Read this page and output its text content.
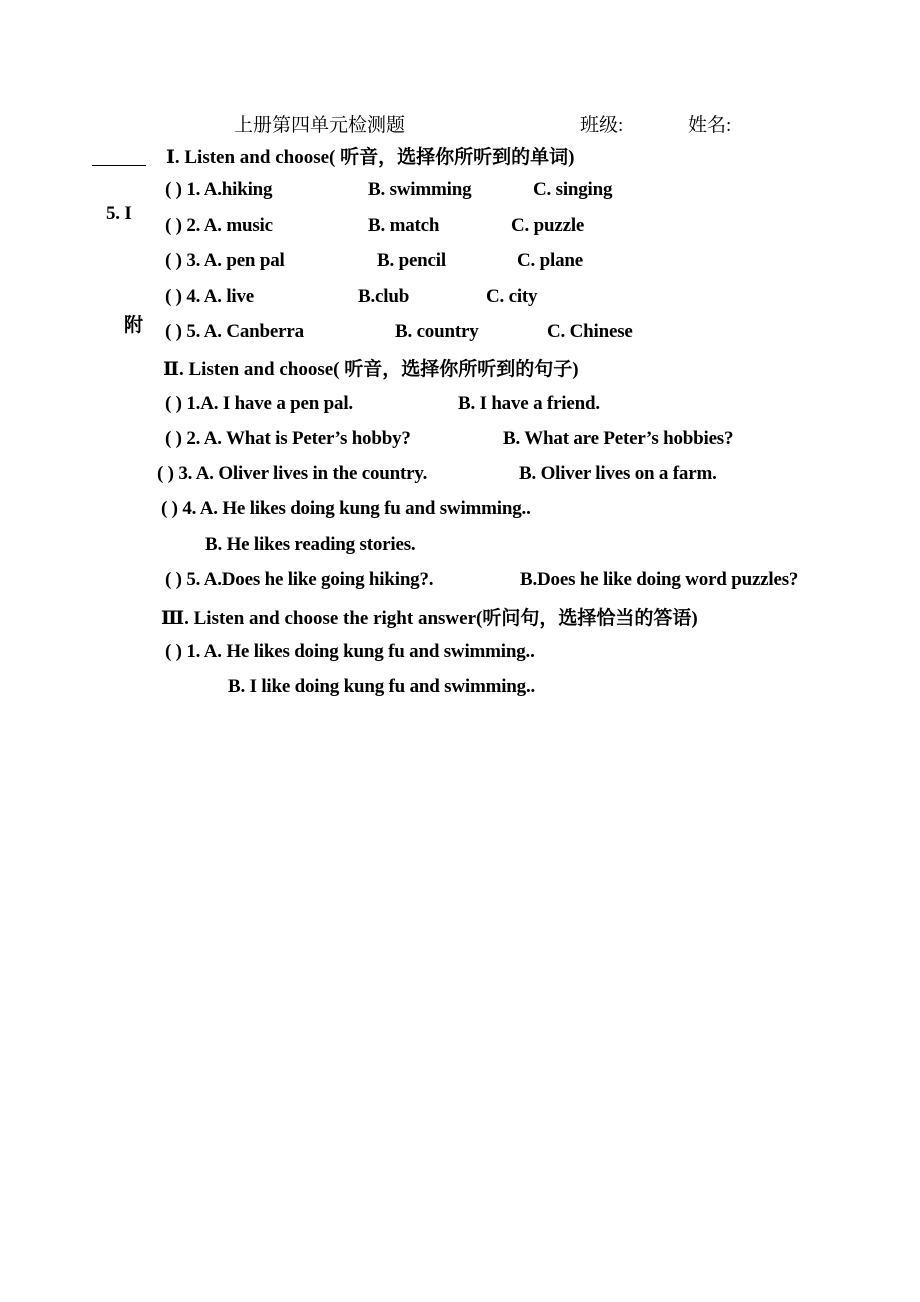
上册第四单元检测题	班级:	姓名:
5. I
附
Ⅰ. Listen and choose( 听音，选择你所听到的单词)
( ) 1. A.hiking	B. swimming	C. singing
( ) 2. A. music	B. match	C. puzzle
( ) 3. A. pen pal	B. pencil	C. plane
( ) 4. A. live	B.club	C. city
( ) 5. A. Canberra	B. country	C. Chinese
Ⅱ. Listen and choose( 听音，选择你所听到的句子)
( ) 1.A. I have a pen pal.	B. I have a friend.
( ) 2. A. What is Peter’s hobby?	B. What are Peter’s hobbies?
( ) 3. A. Oliver lives in the country.	B. Oliver lives on a farm.
( ) 4. A. He likes doing kung fu and swimming..
B. He likes reading stories.
( ) 5. A.Does he like going hiking?.	B.Does he like doing word puzzles?
Ⅲ. Listen and choose the right answer(听问句，选择恰当的答语)
( ) 1. A. He likes doing kung fu and swimming..
B. I like doing kung fu and swimming..
